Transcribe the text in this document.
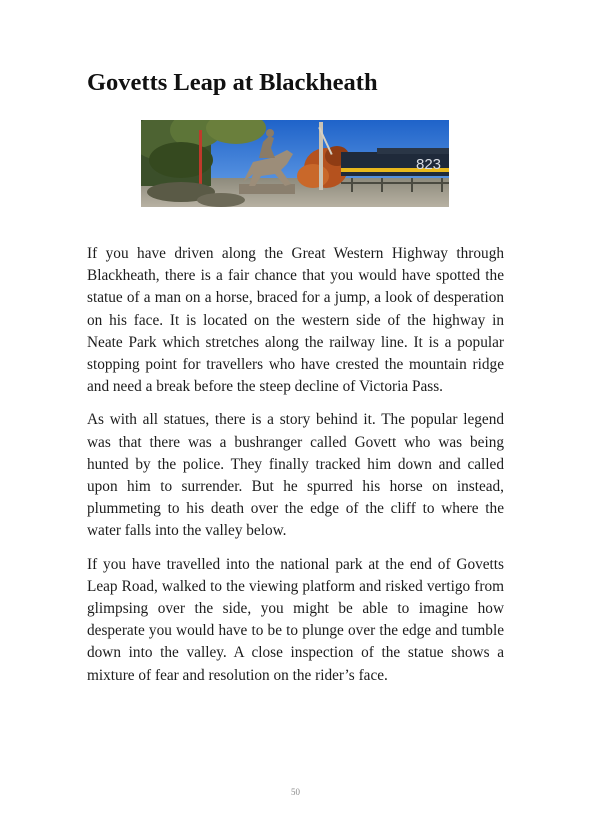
Govetts Leap at Blackheath
823

If you have driven along the Great Western Highway through Blackheath, there is a fair chance that you would have spotted the statue of a man on a horse, braced for a jump, a look of desperation on his face. It is located on the western side of the highway in Neate Park which stretches along the railway line. It is a popular stopping point for travellers who have crested the mountain ridge and need a break before the steep decline of Victoria Pass.

As with all statues, there is a story behind it. The popular legend was that there was a bushranger called Govett who was being hunted by the police. They finally tracked him down and called upon him to surrender. But he spurred his horse on instead, plummeting to his death over the edge of the cliff to where the water falls into the valley below.

If you have travelled into the national park at the end of Govetts Leap Road, walked to the viewing platform and risked vertigo from glimpsing over the side, you might be able to imagine how desperate you would have to be to plunge over the edge and tumble down into the valley. A close inspection of the statue shows a mixture of fear and resolution on the rider’s face.

50
